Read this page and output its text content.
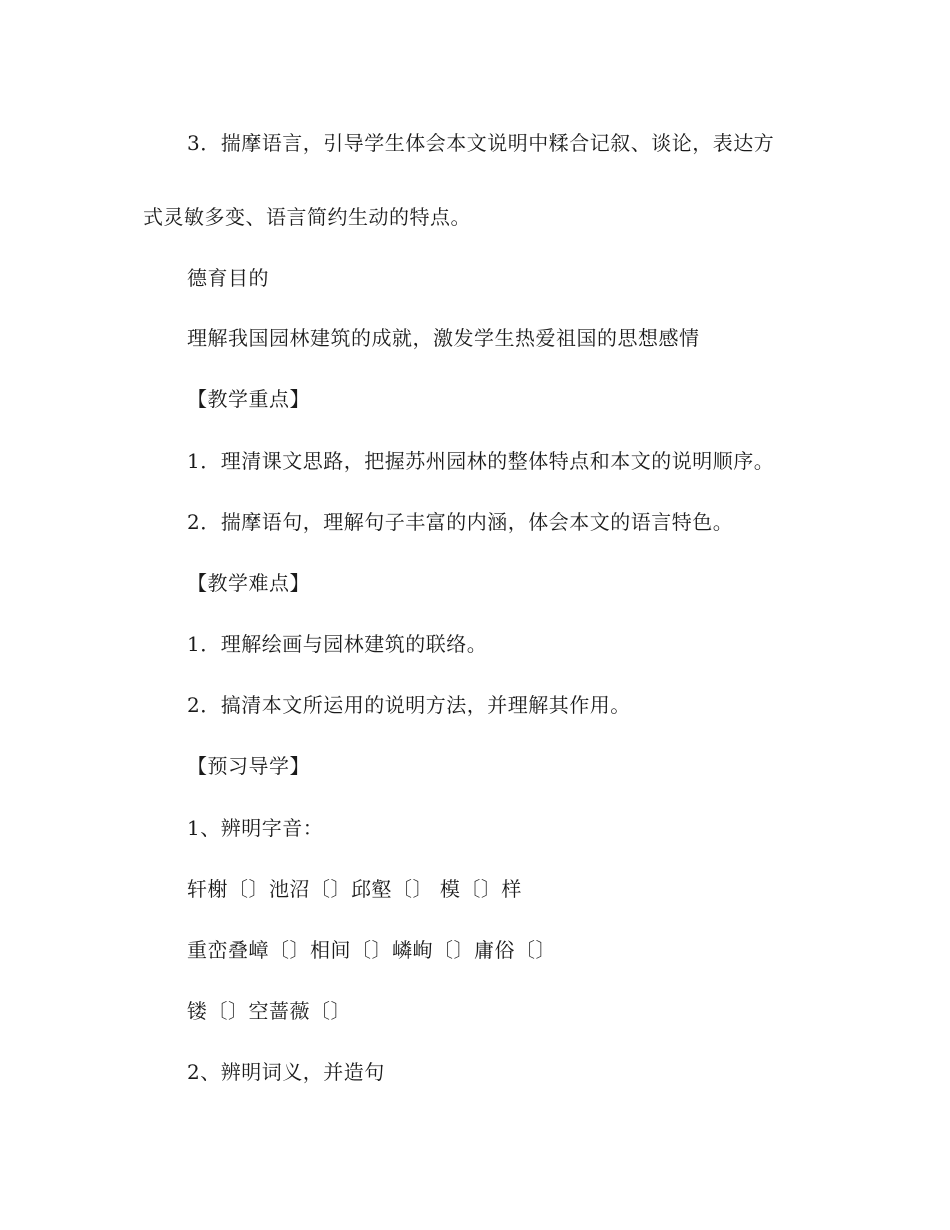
3．揣摩语言，引导学生体会本文说明中糅合记叙、谈论，表达方
式灵敏多变、语言简约生动的特点。
德育目的
理解我国园林建筑的成就，激发学生热爱祖国的思想感情
【教学重点】
1．理清课文思路，把握苏州园林的整体特点和本文的说明顺序。
2．揣摩语句，理解句子丰富的内涵，体会本文的语言特色。
【教学难点】
1．理解绘画与园林建筑的联络。
2．搞清本文所运用的说明方法，并理解其作用。
【预习导学】
1、辨明字音：
轩榭〔〕池沼〔〕邱壑〔〕 模〔〕样
重峦叠嶂〔〕相间〔〕嶙峋〔〕庸俗〔〕
镂〔〕空蔷薇〔〕
2、辨明词义，并造句
